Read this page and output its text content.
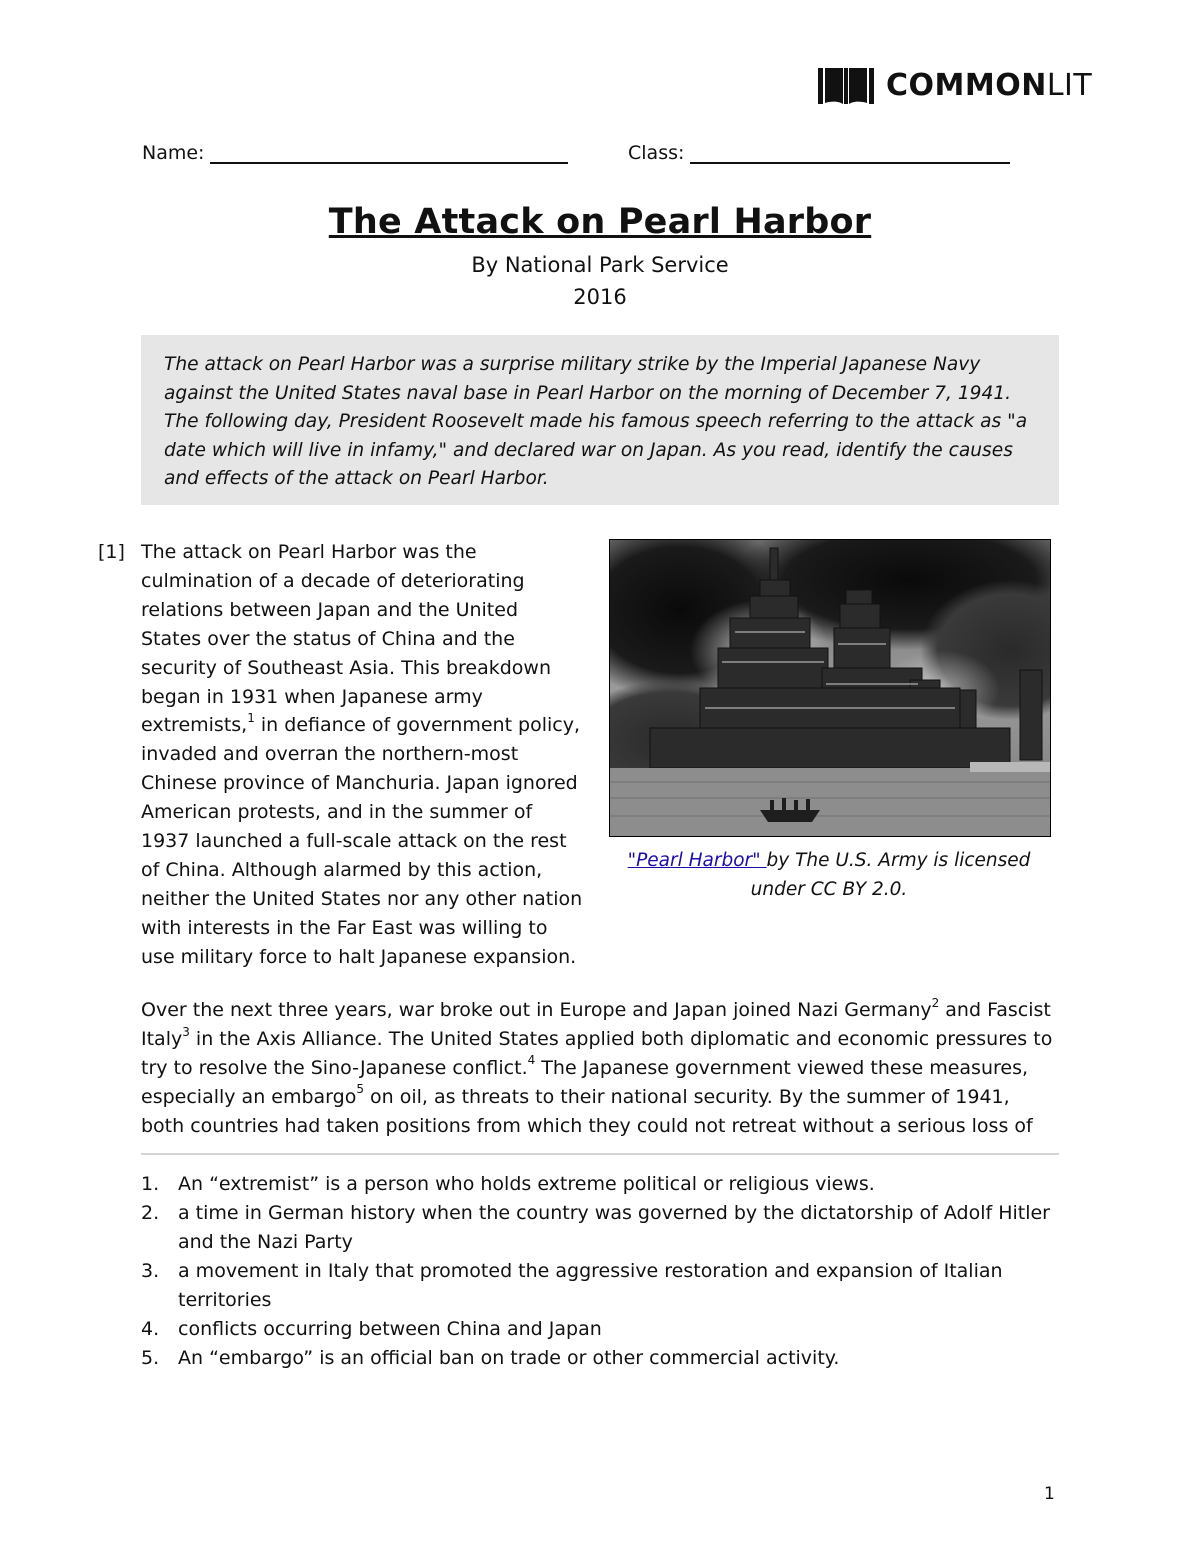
COMMONLIT
Name:	Class:
The Attack on Pearl Harbor
By National Park Service
2016
The attack on Pearl Harbor was a surprise military strike by the Imperial Japanese Navy against the United States naval base in Pearl Harbor on the morning of December 7, 1941. The following day, President Roosevelt made his famous speech referring to the attack as "a date which will live in infamy," and declared war on Japan. As you read, identify the causes and effects of the attack on Pearl Harbor.
[1] The attack on Pearl Harbor was the
culmination of a decade of deteriorating
relations between Japan and the United
States over the status of China and the
security of Southeast Asia. This breakdown
began in 1931 when Japanese army
extremists,$^1$ in defiance of government policy,
invaded and overran the northern-most
Chinese province of Manchuria. Japan ignored
American protests, and in the summer of
1937 launched a full-scale attack on the rest
of China. Although alarmed by this action,
neither the United States nor any other nation
with interests in the Far East was willing to
use military force to halt Japanese expansion.
"Pearl Harbor" by The U.S. Army is licensed
under CC BY 2.0.
Over the next three years, war broke out in Europe and Japan joined Nazi Germany$^2$ and Fascist
Italy$^3$ in the Axis Alliance. The United States applied both diplomatic and economic pressures to
try to resolve the Sino-Japanese conflict.$^4$ The Japanese government viewed these measures,
especially an embargo$^5$ on oil, as threats to their national security. By the summer of 1941,
both countries had taken positions from which they could not retreat without a serious loss of
1. An “extremist” is a person who holds extreme political or religious views.
2. a time in German history when the country was governed by the dictatorship of Adolf Hitler and the Nazi Party
3. a movement in Italy that promoted the aggressive restoration and expansion of Italian territories
4. conflicts occurring between China and Japan
5. An “embargo” is an official ban on trade or other commercial activity.
1
